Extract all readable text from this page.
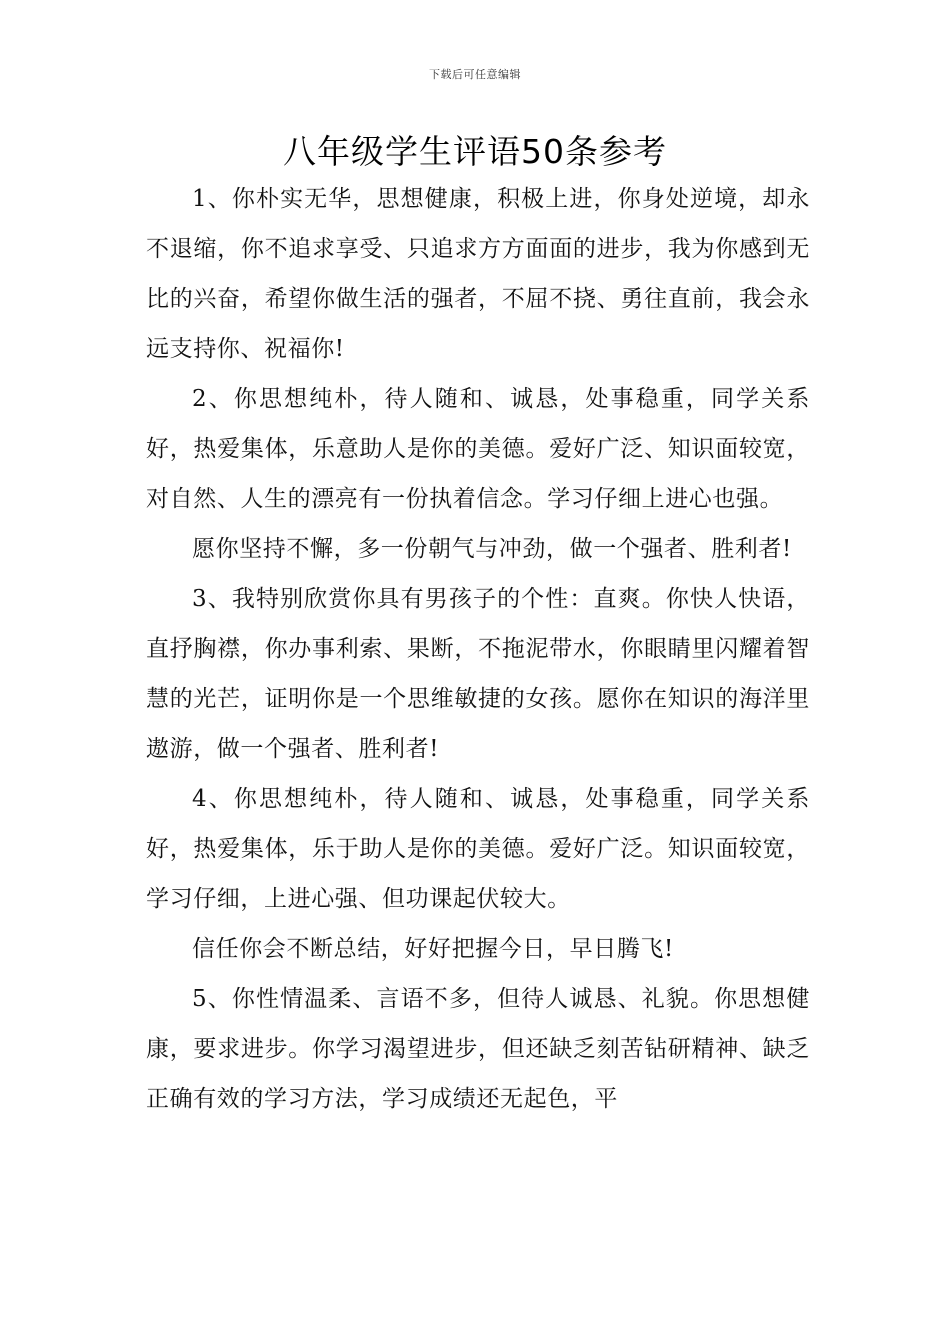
下载后可任意编辑
八年级学生评语50条参考

1、你朴实无华，思想健康，积极上进，你身处逆境，却永不退缩，你不追求享受、只追求方方面面的进步，我为你感到无比的兴奋，希望你做生活的强者，不屈不挠、勇往直前，我会永远支持你、祝福你!

2、你思想纯朴，待人随和、诚恳，处事稳重，同学关系好，热爱集体，乐意助人是你的美德。爱好广泛、知识面较宽，对自然、人生的漂亮有一份执着信念。学习仔细上进心也强。

愿你坚持不懈，多一份朝气与冲劲，做一个强者、胜利者!

3、我特别欣赏你具有男孩子的个性：直爽。你快人快语，直抒胸襟，你办事利索、果断，不拖泥带水，你眼睛里闪耀着智慧的光芒，证明你是一个思维敏捷的女孩。愿你在知识的海洋里遨游，做一个强者、胜利者!

4、你思想纯朴，待人随和、诚恳，处事稳重，同学关系好，热爱集体，乐于助人是你的美德。爱好广泛。知识面较宽，学习仔细，上进心强、但功课起伏较大。

信任你会不断总结，好好把握今日，早日腾飞!

5、你性情温柔、言语不多，但待人诚恳、礼貌。你思想健康，要求进步。你学习渴望进步，但还缺乏刻苦钻研精神、缺乏正确有效的学习方法，学习成绩还无起色，平
